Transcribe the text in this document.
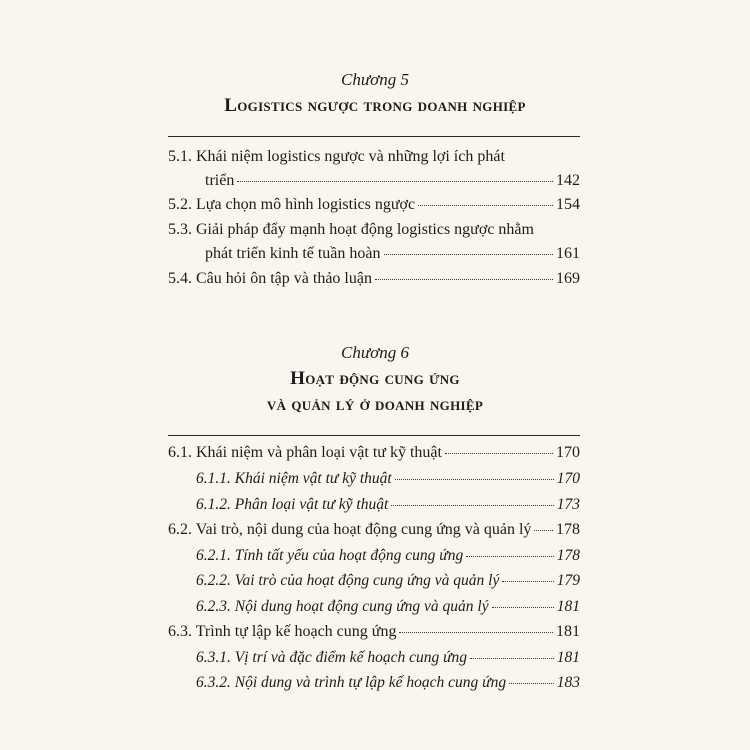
Chương 5
Logistics ngược trong doanh nghiệp
5.1. Khái niệm logistics ngược và những lợi ích phát
triển	142
5.2. Lựa chọn mô hình logistics ngược	154
5.3. Giải pháp đẩy mạnh hoạt động logistics ngược nhằm
phát triển kinh tế tuần hoàn	161
5.4. Câu hỏi ôn tập và thảo luận	169
Chương 6
Hoạt động cung ứng
và quản lý ở doanh nghiệp
6.1. Khái niệm và phân loại vật tư kỹ thuật	170
6.1.1. Khái niệm vật tư kỹ thuật	170
6.1.2. Phân loại vật tư kỹ thuật	173
6.2. Vai trò, nội dung của hoạt động cung ứng và quản lý 178
6.2.1. Tính tất yếu của hoạt động cung ứng	178
6.2.2. Vai trò của hoạt động cung ứng và quản lý	179
6.2.3. Nội dung hoạt động cung ứng và quản lý	181
6.3. Trình tự lập kế hoạch cung ứng	181
6.3.1. Vị trí và đặc điểm kế hoạch cung ứng	181
6.3.2. Nội dung và trình tự lập kế hoạch cung ứng	183
